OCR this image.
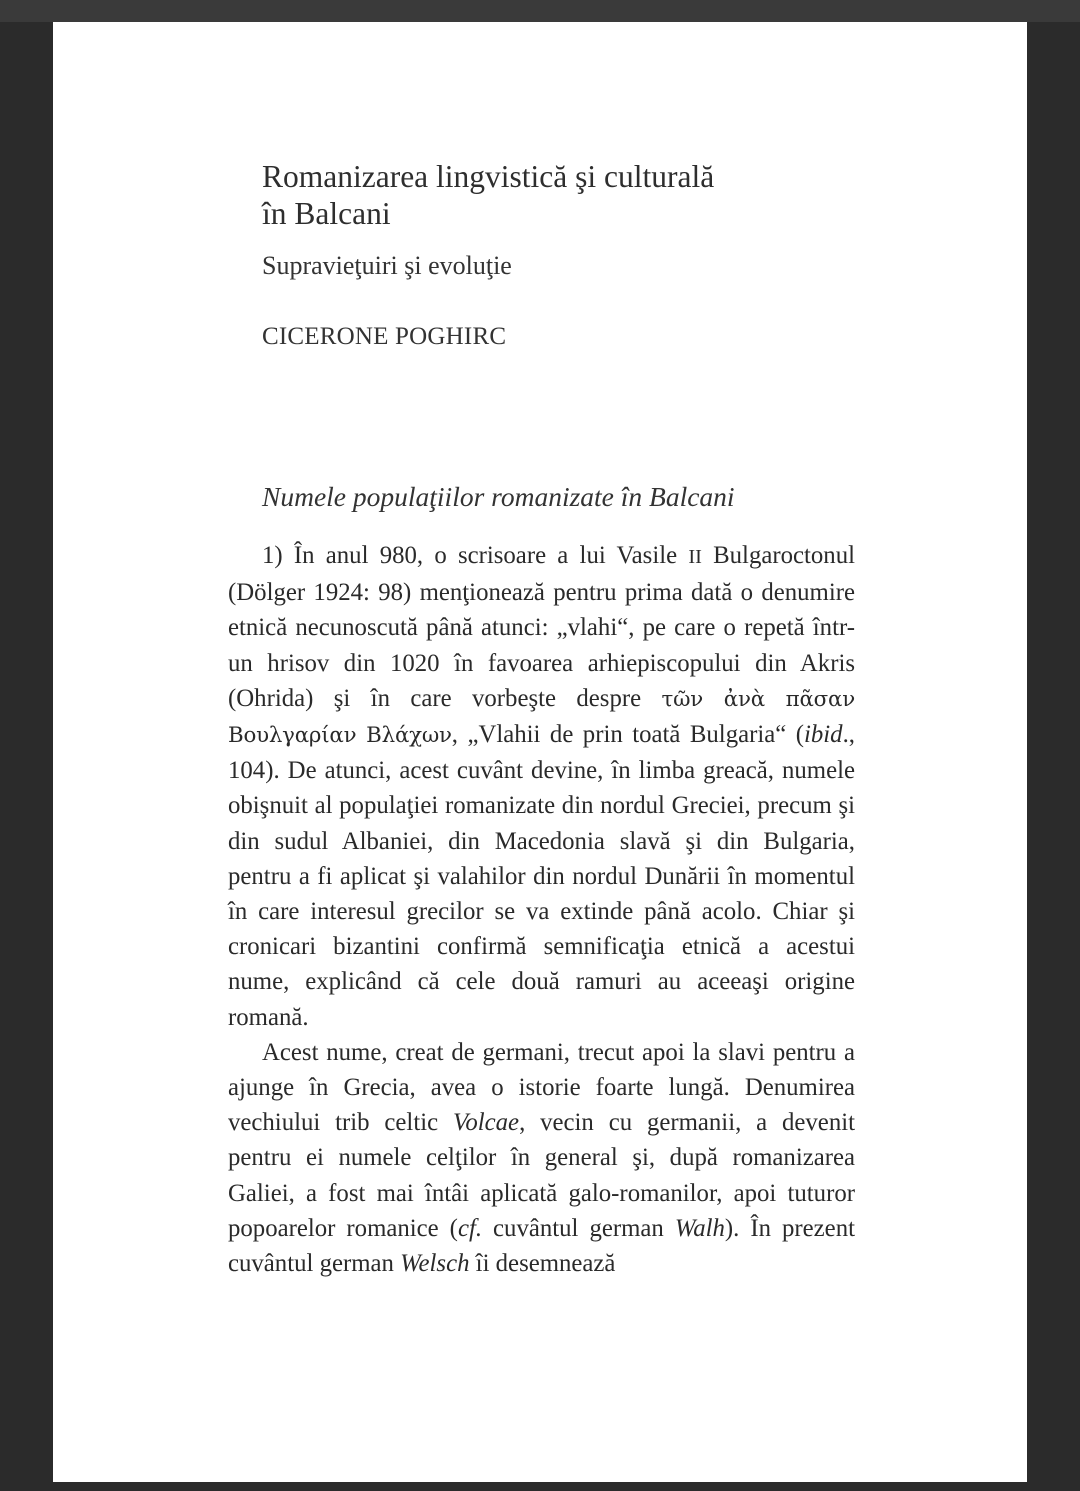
Romanizarea lingvistică şi culturală
în Balcani
Supravieţuiri şi evoluţie
CICERONE POGHIRC
Numele populaţiilor romanizate în Balcani

1) În anul 980, o scrisoare a lui Vasile II Bulgaroctonul (Dölger 1924: 98) menţionează pentru prima dată o denumire etnică necunoscută până atunci: „vlahi“, pe care o repetă într-un hrisov din 1020 în favoarea arhiepiscopului din Akris (Ohrida) şi în care vorbeşte despre τῶν ἀνὰ πᾶσαν Βουλγαρίαν Βλάχων, „Vlahii de prin toată Bulgaria“ (ibid., 104). De atunci, acest cuvânt devine, în limba greacă, numele obişnuit al populaţiei romanizate din nordul Greciei, precum şi din sudul Albaniei, din Macedonia slavă şi din Bulgaria, pentru a fi aplicat şi valahilor din nordul Dunării în momentul în care interesul grecilor se va extinde până acolo. Chiar şi cronicari bizantini confirmă semnificaţia etnică a acestui nume, explicând că cele două ramuri au aceeaşi origine romană.

Acest nume, creat de germani, trecut apoi la slavi pentru a ajunge în Grecia, avea o istorie foarte lungă. Denumirea vechiului trib celtic Volcae, vecin cu germanii, a devenit pentru ei numele celţilor în general şi, după romanizarea Galiei, a fost mai întâi aplicată galo-romanilor, apoi tuturor popoarelor romanice (cf. cuvântul german Walh). În prezent cuvântul german Welsch îi desemnează
